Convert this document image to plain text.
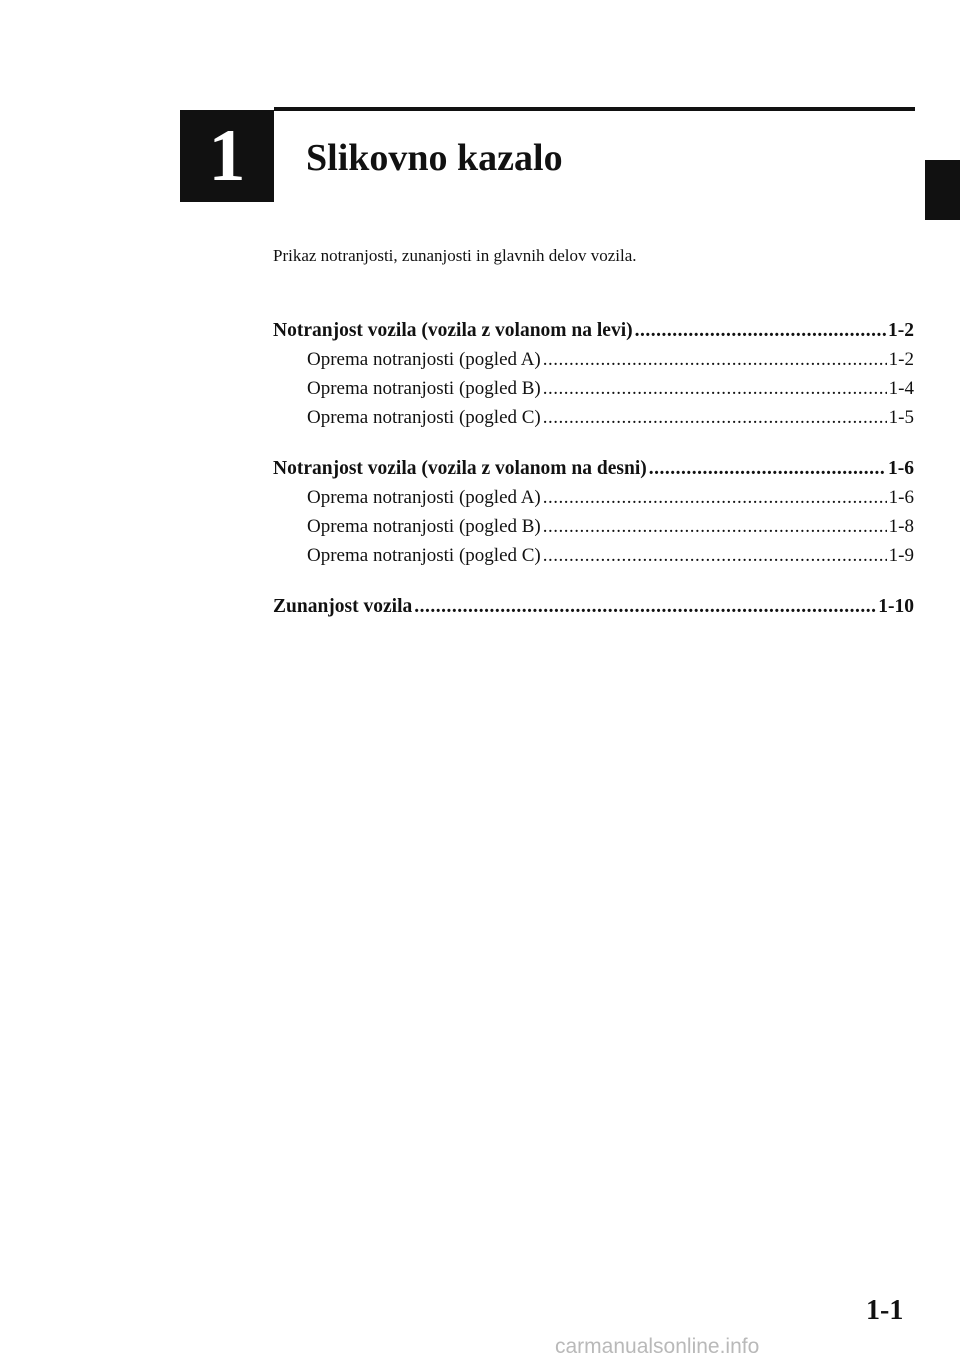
1 Slikovno kazalo
Prikaz notranjosti, zunanjosti in glavnih delov vozila.
Notranjost vozila (vozila z volanom na levi) .....	1-2
Oprema notranjosti (pogled A) .....	1-2
Oprema notranjosti (pogled B) .....	1-4
Oprema notranjosti (pogled C) .....	1-5
Notranjost vozila (vozila z volanom na desni) .....	1-6
Oprema notranjosti (pogled A) .....	1-6
Oprema notranjosti (pogled B) .....	1-8
Oprema notranjosti (pogled C) .....	1-9
Zunanjost vozila .....	1-10
1-1
carmanualsonline.info
